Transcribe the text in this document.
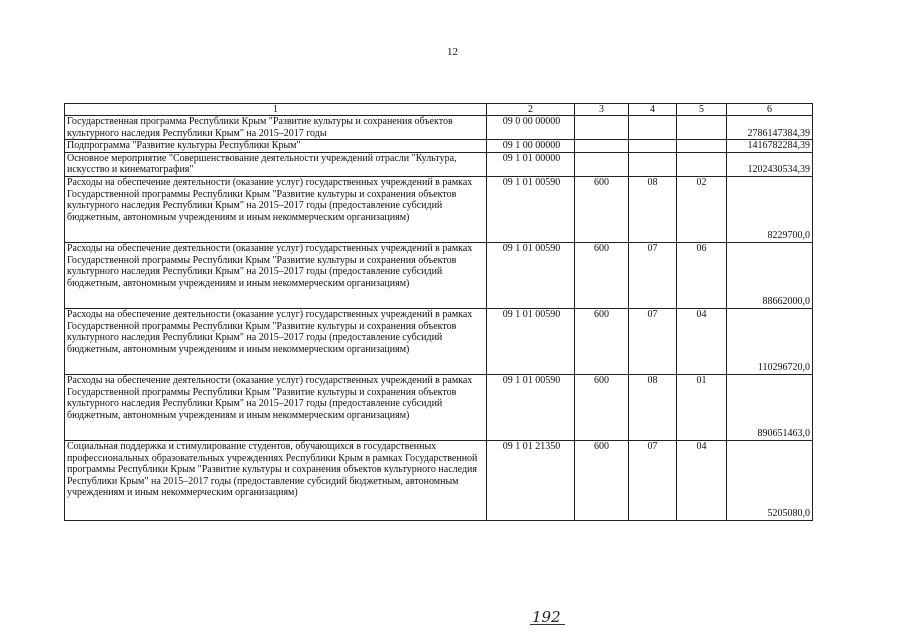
12
1	2	3	4	5	6
Государственная программа Республики Крым "Развитие культуры и сохранения объектов культурного наследия Республики Крым" на 2015–2017 годы	09 0 00 00000				2786147384,39
Подпрограмма "Развитие культуры Республики Крым"	09 1 00 00000				1416782284,39
Основное мероприятие "Совершенствование деятельности учреждений отрасли "Культура, искусство и кинематография"	09 1 01 00000				1202430534,39
Расходы на обеспечение деятельности (оказание услуг) государственных учреждений в рамках Государственной программы Республики Крым "Развитие культуры и сохранения объектов культурного наследия Республики Крым" на 2015–2017 годы (предоставление субсидий бюджетным, автономным учреждениям и иным некоммерческим организациям)	09 1 01 00590	600	08	02	8229700,0
Расходы на обеспечение деятельности (оказание услуг) государственных учреждений в рамках Государственной программы Республики Крым "Развитие культуры и сохранения объектов культурного наследия Республики Крым" на 2015–2017 годы (предоставление субсидий бюджетным, автономным учреждениям и иным некоммерческим организациям)	09 1 01 00590	600	07	06	88662000,0
Расходы на обеспечение деятельности (оказание услуг) государственных учреждений в рамках Государственной программы Республики Крым "Развитие культуры и сохранения объектов культурного наследия Республики Крым" на 2015–2017 годы (предоставление субсидий бюджетным, автономным учреждениям и иным некоммерческим организациям)	09 1 01 00590	600	07	04	110296720,0
Расходы на обеспечение деятельности (оказание услуг) государственных учреждений в рамках Государственной программы Республики Крым "Развитие культуры и сохранения объектов культурного наследия Республики Крым" на 2015–2017 годы (предоставление субсидий бюджетным, автономным учреждениям и иным некоммерческим организациям)	09 1 01 00590	600	08	01	890651463,0
Социальная поддержка и стимулирование студентов, обучающихся в государственных профессиональных образовательных учреждениях Республики Крым в рамках Государственной программы Республики Крым "Развитие культуры и сохранения объектов культурного наследия Республики Крым" на 2015–2017 годы (предоставление субсидий бюджетным, автономным учреждениям и иным некоммерческим организациям)	09 1 01 21350	600	07	04	5205080,0
192
